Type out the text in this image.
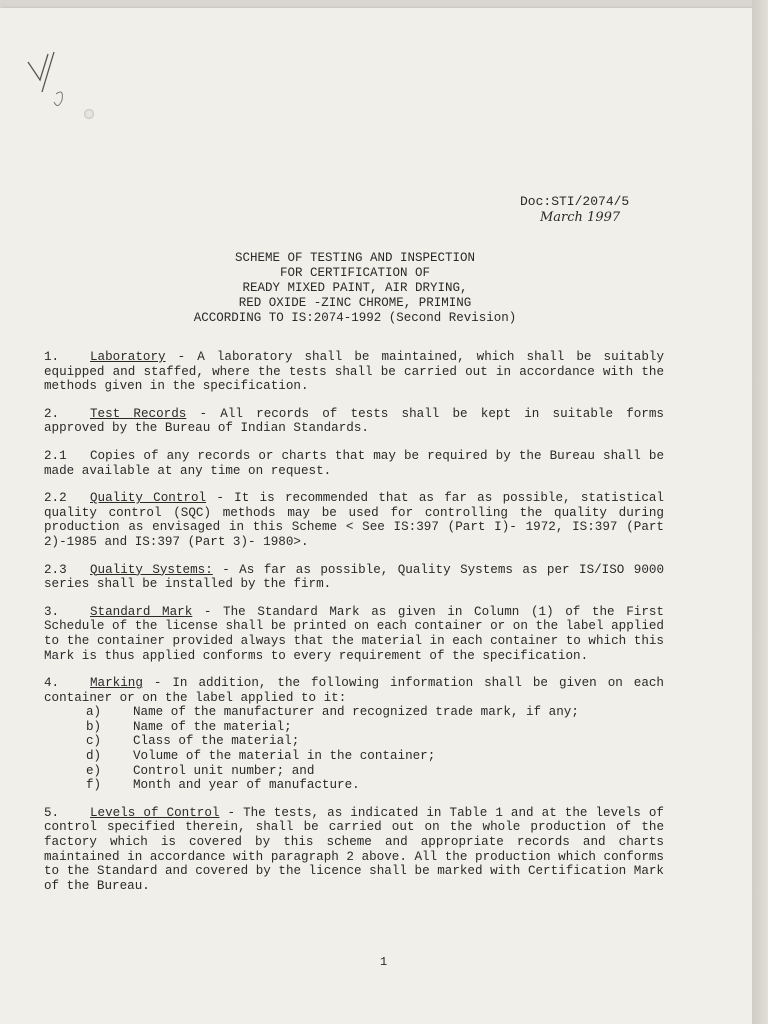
Doc:STI/2074/5
March 1997
SCHEME OF TESTING AND INSPECTION
FOR CERTIFICATION OF
READY MIXED PAINT, AIR DRYING,
RED OXIDE -ZINC CHROME, PRIMING
ACCORDING TO IS:2074-1992 (Second Revision)

1. Laboratory - A laboratory shall be maintained, which shall be suitably equipped and staffed, where the tests shall be carried out in accordance with the methods given in the specification.

2. Test Records - All records of tests shall be kept in suitable forms approved by the Bureau of Indian Standards.

2.1 Copies of any records or charts that may be required by the Bureau shall be made available at any time on request.

2.2 Quality Control - It is recommended that as far as possible, statistical quality control (SQC) methods may be used for controlling the quality during production as envisaged in this Scheme < See IS:397 (Part I)- 1972, IS:397 (Part 2)-1985 and IS:397 (Part 3)- 1980>.

2.3 Quality Systems: - As far as possible, Quality Systems as per IS/ISO 9000 series shall be installed by the firm.

3. Standard Mark - The Standard Mark as given in Column (1) of the First Schedule of the license shall be printed on each container or on the label applied to the container provided always that the material in each container to which this Mark is thus applied conforms to every requirement of the specification.

4. Marking - In addition, the following information shall be given on each container or on the label applied to it:

a)	Name of the manufacturer and recognized trade mark, if any;
b)	Name of the material;
c)	Class of the material;
d)	Volume of the material in the container;
e)	Control unit number; and
f)	Month and year of manufacture.

5. Levels of Control - The tests, as indicated in Table 1 and at the levels of control specified therein, shall be carried out on the whole production of the factory which is covered by this scheme and appropriate records and charts maintained in accordance with paragraph 2 above. All the production which conforms to the Standard and covered by the licence shall be marked with Certification Mark of the Bureau.

1
